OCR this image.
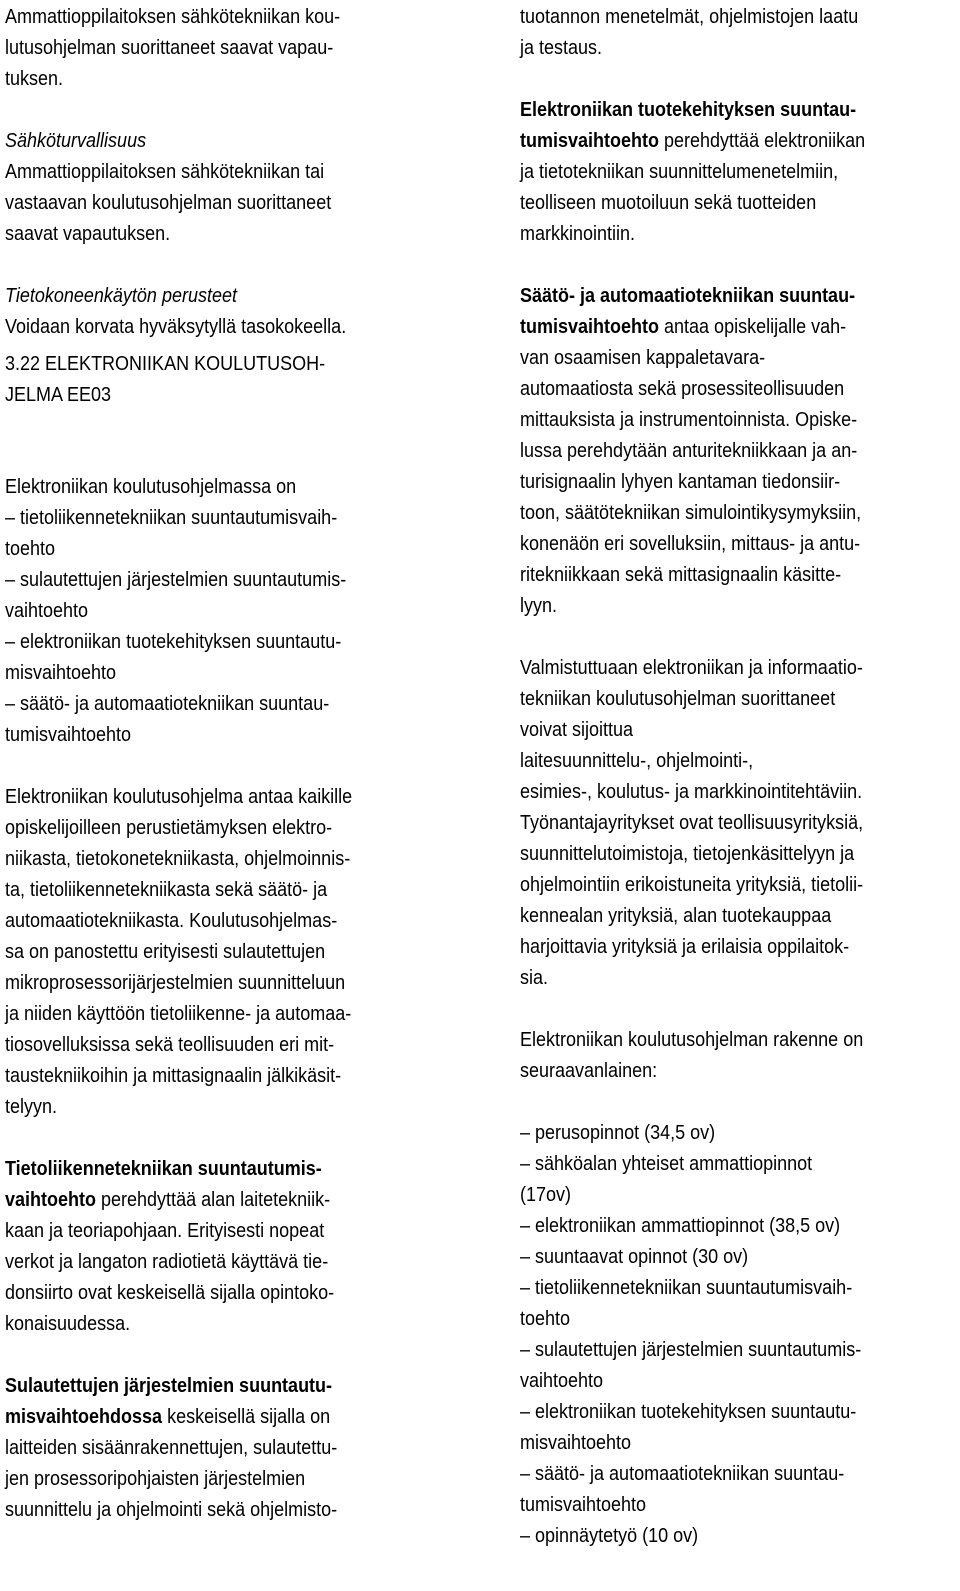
Ammattioppilaitoksen sähkötekniikan kou-
lutusohjelman suorittaneet saavat vapau-
tuksen.
Sähköturvallisuus
Ammattioppilaitoksen sähkötekniikan tai
vastaavan koulutusohjelman suorittaneet
saavat vapautuksen.
Tietokoneenkäytön perusteet
Voidaan korvata hyväksytyllä tasokokeella.
3.22 ELEKTRONIIKAN KOULUTUSOH-
JELMA EE03
Elektroniikan koulutusohjelmassa on
– tietoliikennetekniikan suuntautumisvaih-
toehto
– sulautettujen järjestelmien suuntautumis-
vaihtoehto
– elektroniikan tuotekehityksen suuntautu-
misvaihtoehto
– säätö- ja automaatiotekniikan suuntau-
tumisvaihtoehto
Elektroniikan koulutusohjelma antaa kaikille
opiskelijoilleen perustietämyksen elektro-
niikasta, tietokonetekniikasta, ohjelmoinnis-
ta, tietoliikennetekniikasta sekä säätö- ja
automaatiotekniikasta. Koulutusohjelmas-
sa on panostettu erityisesti sulautettujen
mikroprosessorijärjestelmien suunnitteluun
ja niiden käyttöön tietoliikenne- ja automaa-
tiosovelluksissa sekä teollisuuden eri mit-
taustekniikoihin ja mittasignaalin jälkikäsit-
telyyn.
Tietoliikennetekniikan suuntautumis-
vaihtoehto perehdyttää alan laitetekniik-
kaan ja teoriapohjaan. Erityisesti nopeat
verkot ja langaton radiotietä käyttävä tie-
donsiirto ovat keskeisellä sijalla opintoko-
konaisuudessa.
Sulautettujen järjestelmien suuntautu-
misvaihtoehdossa keskeisellä sijalla on
laitteiden sisäänrakennettujen, sulautettu-
jen prosessoripohjaisten järjestelmien
suunnittelu ja ohjelmointi sekä ohjelmisto-
tuotannon menetelmät, ohjelmistojen laatu
ja testaus.
Elektroniikan tuotekehityksen suuntau-
tumisvaihtoehto perehdyttää elektroniikan
ja tietotekniikan suunnittelumenetelmiin,
teolliseen muotoiluun sekä tuotteiden
markkinointiin.
Säätö- ja automaatiotekniikan suuntau-
tumisvaihtoehto antaa opiskelijalle vah-
van osaamisen kappaletavara-
automaatiosta sekä prosessiteollisuuden
mittauksista ja instrumentoinnista. Opiske-
lussa perehdytään anturitekniikkaan ja an-
turisignaalin lyhyen kantaman tiedonsiir-
toon, säätötekniikan simulointikysymyksiin,
konenäön eri sovelluksiin, mittaus- ja antu-
ritekniikkaan sekä mittasignaalin käsitte-
lyyn.
Valmistuttuaan elektroniikan ja informaatio-
tekniikan koulutusohjelman suorittaneet
voivat sijoittua
laitesuunnittelu-, ohjelmointi-,
esimies-, koulutus- ja markkinointitehtäviin.
Työnantajayritykset ovat teollisuusyrityksiä,
suunnittelutoimistoja, tietojenkäsittelyyn ja
ohjelmointiin erikoistuneita yrityksiä, tietolii-
kennealan yrityksiä, alan tuotekauppaa
harjoittavia yrityksiä ja erilaisia oppilaitok-
sia.
Elektroniikan koulutusohjelman rakenne on
seuraavanlainen:
– perusopinnot (34,5 ov)
– sähköalan yhteiset ammattiopinnot
(17ov)
– elektroniikan ammattiopinnot (38,5 ov)
– suuntaavat opinnot (30 ov)
– tietoliikennetekniikan suuntautumisvaih-
toehto
– sulautettujen järjestelmien suuntautumis-
vaihtoehto
– elektroniikan tuotekehityksen suuntautu-
misvaihtoehto
– säätö- ja automaatiotekniikan suuntau-
tumisvaihtoehto
– opinnäytetyö (10 ov)
